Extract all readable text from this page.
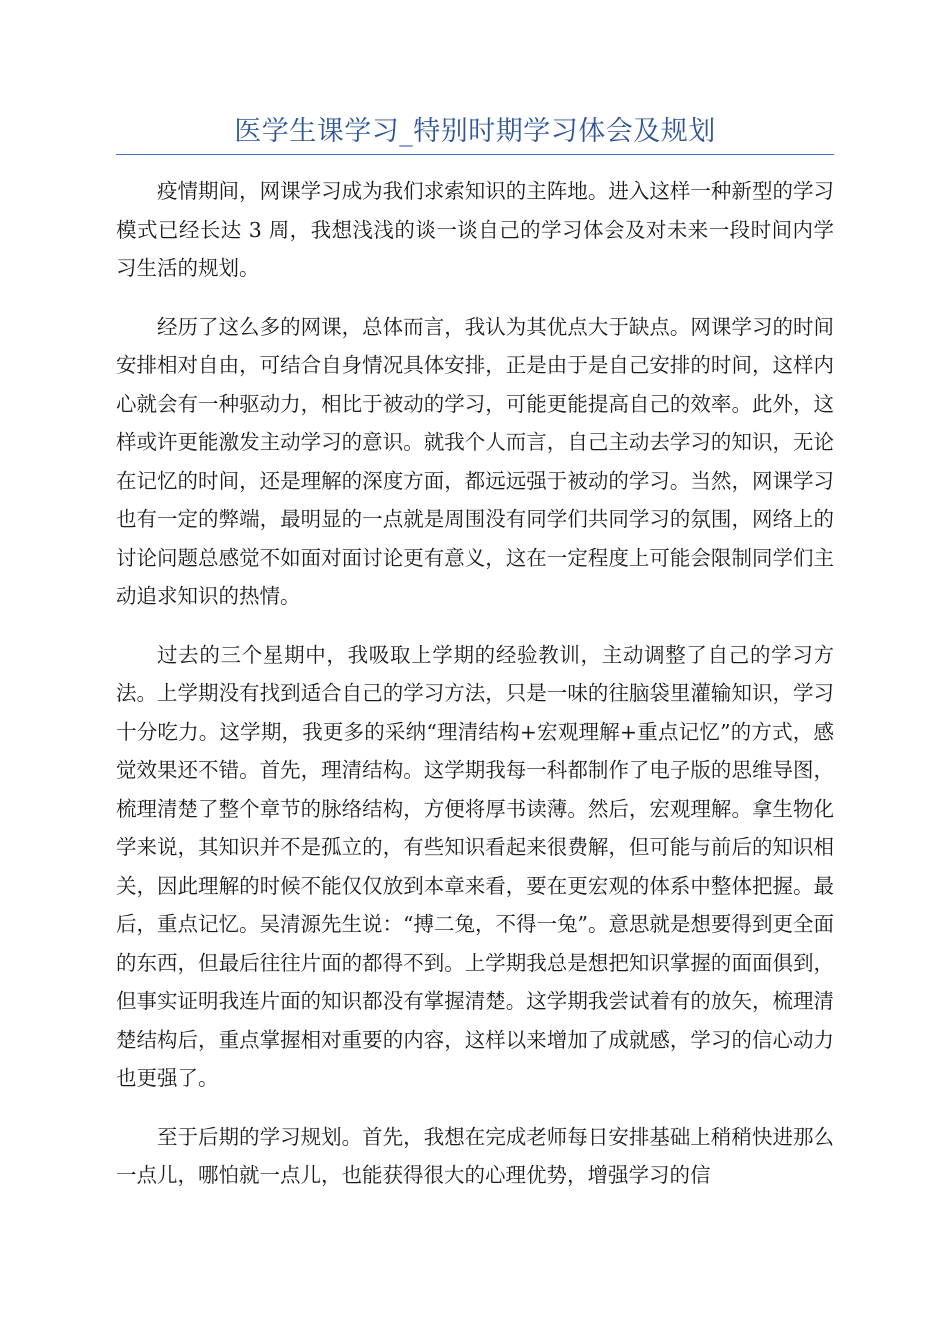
医学生课学习_特别时期学习体会及规划

疫情期间，网课学习成为我们求索知识的主阵地。进入这样一种新型的学习模式已经长达 3 周，我想浅浅的谈一谈自己的学习体会及对未来一段时间内学习生活的规划。

经历了这么多的网课，总体而言，我认为其优点大于缺点。网课学习的时间安排相对自由，可结合自身情况具体安排，正是由于是自己安排的时间，这样内心就会有一种驱动力，相比于被动的学习，可能更能提高自己的效率。此外，这样或许更能激发主动学习的意识。就我个人而言，自己主动去学习的知识，无论在记忆的时间，还是理解的深度方面，都远远强于被动的学习。当然，网课学习也有一定的弊端，最明显的一点就是周围没有同学们共同学习的氛围，网络上的讨论问题总感觉不如面对面讨论更有意义，这在一定程度上可能会限制同学们主动追求知识的热情。

过去的三个星期中，我吸取上学期的经验教训，主动调整了自己的学习方法。上学期没有找到适合自己的学习方法，只是一味的往脑袋里灌输知识，学习十分吃力。这学期，我更多的采纳“理清结构+宏观理解+重点记忆”的方式，感觉效果还不错。首先，理清结构。这学期我每一科都制作了电子版的思维导图，梳理清楚了整个章节的脉络结构，方便将厚书读薄。然后，宏观理解。拿生物化学来说，其知识并不是孤立的，有些知识看起来很费解，但可能与前后的知识相关，因此理解的时候不能仅仅放到本章来看，要在更宏观的体系中整体把握。最后，重点记忆。吴清源先生说：“搏二兔，不得一兔”。意思就是想要得到更全面的东西，但最后往往片面的都得不到。上学期我总是想把知识掌握的面面俱到，但事实证明我连片面的知识都没有掌握清楚。这学期我尝试着有的放矢，梳理清楚结构后，重点掌握相对重要的内容，这样以来增加了成就感，学习的信心动力也更强了。

至于后期的学习规划。首先，我想在完成老师每日安排基础上稍稍快进那么一点儿，哪怕就一点儿，也能获得很大的心理优势，增强学习的信
